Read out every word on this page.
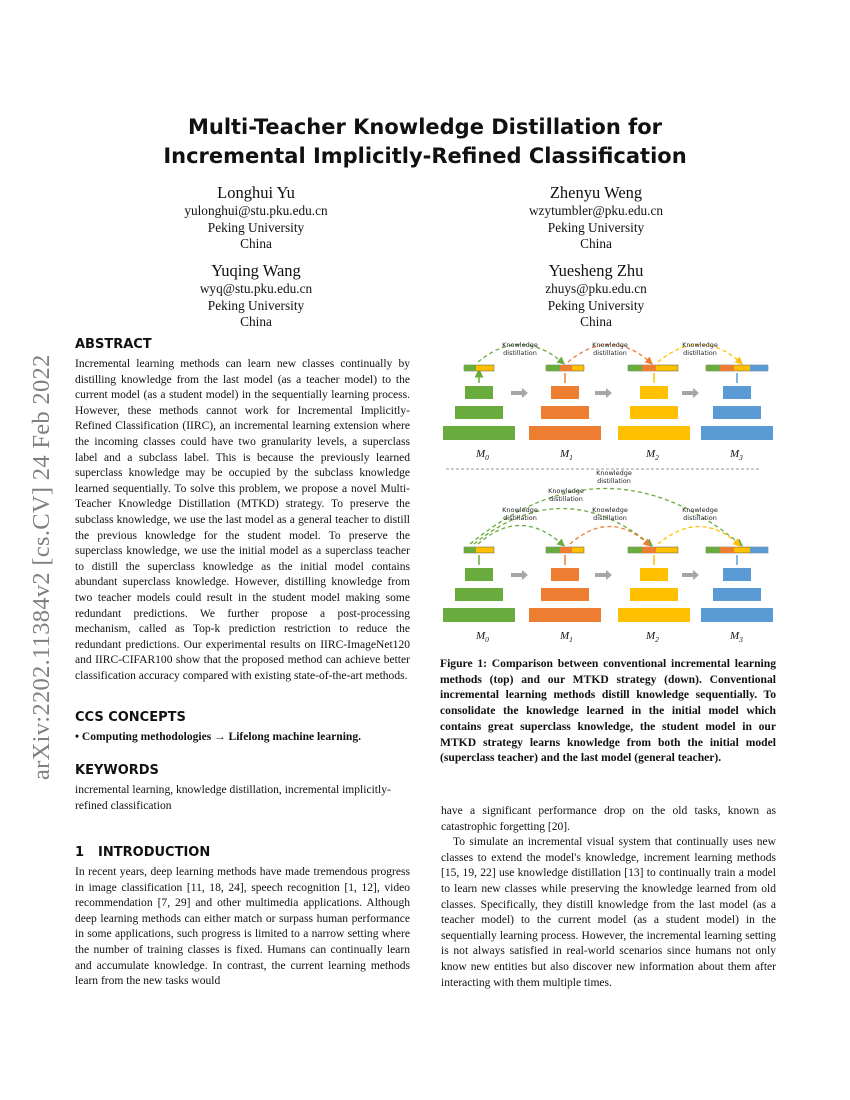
arXiv:2202.11384v2 [cs.CV] 24 Feb 2022
Multi-Teacher Knowledge Distillation for
Incremental Implicitly-Refined Classification
Longhui Yu
yulonghui@stu.pku.edu.cn
Peking University
China
Zhenyu Weng
wzytumbler@pku.edu.cn
Peking University
China
Yuqing Wang
wyq@stu.pku.edu.cn
Peking University
China
Yuesheng Zhu
zhuys@pku.edu.cn
Peking University
China
ABSTRACT

Incremental learning methods can learn new classes continually by distilling knowledge from the last model (as a teacher model) to the current model (as a student model) in the sequentially learning process. However, these methods cannot work for Incremental Implicitly-Refined Classification (IIRC), an incremental learning extension where the incoming classes could have two granularity levels, a superclass label and a subclass label. This is because the previously learned superclass knowledge may be occupied by the subclass knowledge learned sequentially. To solve this problem, we propose a novel Multi-Teacher Knowledge Distillation (MTKD) strategy. To preserve the subclass knowledge, we use the last model as a general teacher to distill the previous knowledge for the student model. To preserve the superclass knowledge, we use the initial model as a superclass teacher to distill the superclass knowledge as the initial model contains abundant superclass knowledge. However, distilling knowledge from two teacher models could result in the student model making some redundant predictions. We further propose a post-processing mechanism, called as Top-k prediction restriction to reduce the redundant predictions. Our experimental results on IIRC-ImageNet120 and IIRC-CIFAR100 show that the proposed method can achieve better classification accuracy compared with existing state-of-the-art methods.

CCS CONCEPTS

• Computing methodologies → Lifelong machine learning.

KEYWORDS

incremental learning, knowledge distillation, incremental implicitly-refined classification

1 INTRODUCTION

In recent years, deep learning methods have made tremendous progress in image classification [11, 18, 24], speech recognition [1, 12], video recommendation [7, 29] and other multimedia applications. Although deep learning methods can either match or surpass human performance in some applications, such progress is limited to a narrow setting where the number of training classes is fixed. Humans can continually learn and accumulate knowledge. In contrast, the current learning methods learn from the new tasks would

have a significant performance drop on the old tasks, known as catastrophic forgetting [20].

To simulate an incremental visual system that continually uses new classes to extend the model's knowledge, increment learning methods [15, 19, 22] use knowledge distillation [13] to continually train a model to learn new classes while preserving the knowledge learned from old classes. Specifically, they distill knowledge from the last model (as a teacher model) to the current model (as a student model) in the sequentially learning process. However, the incremental learning setting is not always satisfied in real-world scenarios since humans not only know new entities but also discover new information about them after interacting with them multiple times.

Knowledge
distillation
Knowledge
distillation
Knowledge
distillation
$M_0$	$M_1$	$M_2$	$M_3$
Knowledge
distillation
Knowledge
distillation
Knowledge
distillation
Knowledge
distillation
Knowledge
distillation
$M_0$	$M_1$	$M_2$	$M_3$
Figure 1: Comparison between conventional incremental learning methods (top) and our MTKD strategy (down). Conventional incremental learning methods distill knowledge sequentially. To consolidate the knowledge learned in the initial model which contains great superclass knowledge, the student model in our MTKD strategy learns knowledge from both the initial model (superclass teacher) and the last model (general teacher).
